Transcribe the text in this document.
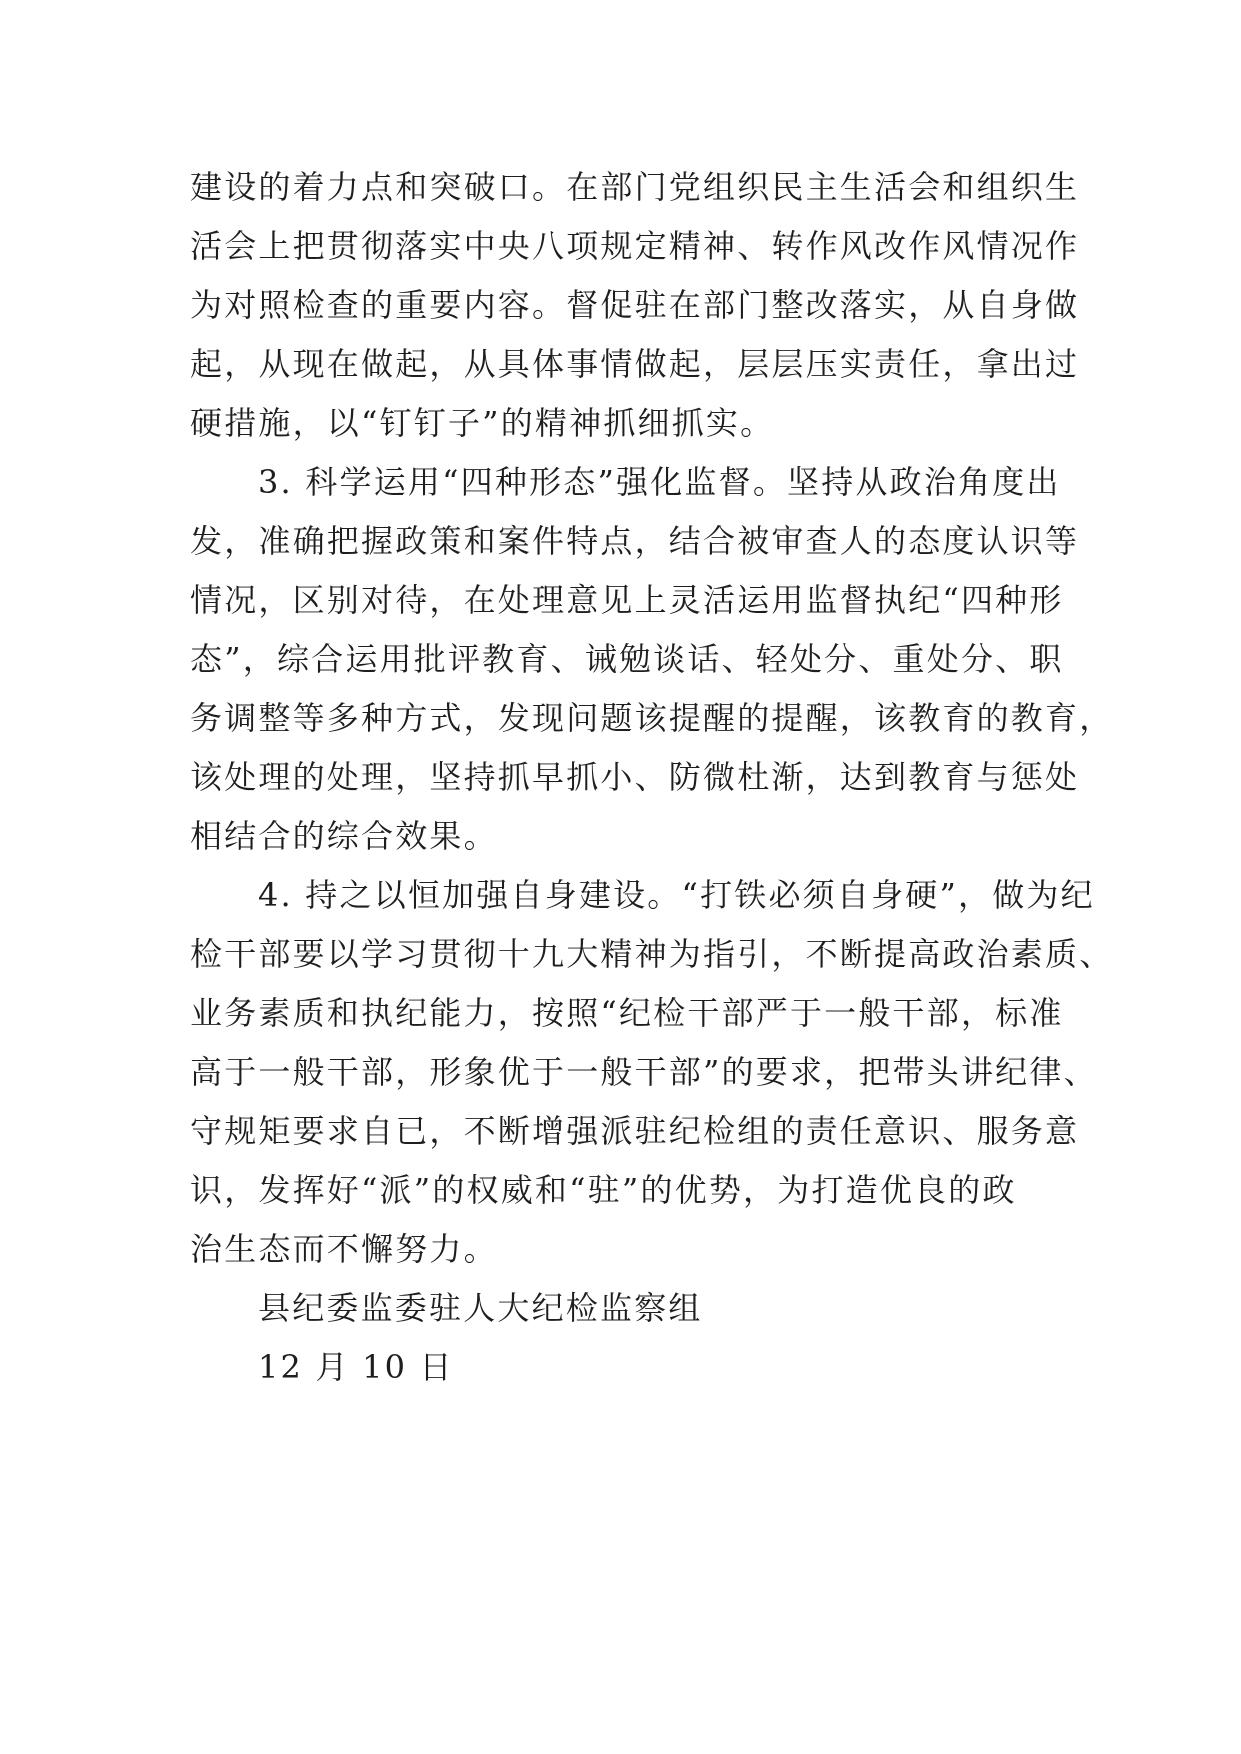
建设的着力点和突破口。在部门党组织民主生活会和组织生
活会上把贯彻落实中央八项规定精神、转作风改作风情况作
为对照检查的重要内容。督促驻在部门整改落实，从自身做
起，从现在做起，从具体事情做起，层层压实责任，拿出过
硬措施，以“钉钉子”的精神抓细抓实。
3. 科学运用“四种形态”强化监督。坚持从政治角度出
发，准确把握政策和案件特点，结合被审查人的态度认识等
情况，区别对待，在处理意见上灵活运用监督执纪“四种形
态”，综合运用批评教育、诫勉谈话、轻处分、重处分、职
务调整等多种方式，发现问题该提醒的提醒，该教育的教育，
该处理的处理，坚持抓早抓小、防微杜渐，达到教育与惩处
相结合的综合效果。
4. 持之以恒加强自身建设。“打铁必须自身硬”，做为纪
检干部要以学习贯彻十九大精神为指引，不断提高政治素质、
业务素质和执纪能力，按照“纪检干部严于一般干部，标准
高于一般干部，形象优于一般干部”的要求，把带头讲纪律、
守规矩要求自已，不断增强派驻纪检组的责任意识、服务意
识，发挥好“派”的权威和“驻”的优势，为打造优良的政
治生态而不懈努力。
县纪委监委驻人大纪检监察组
12 月 10 日
